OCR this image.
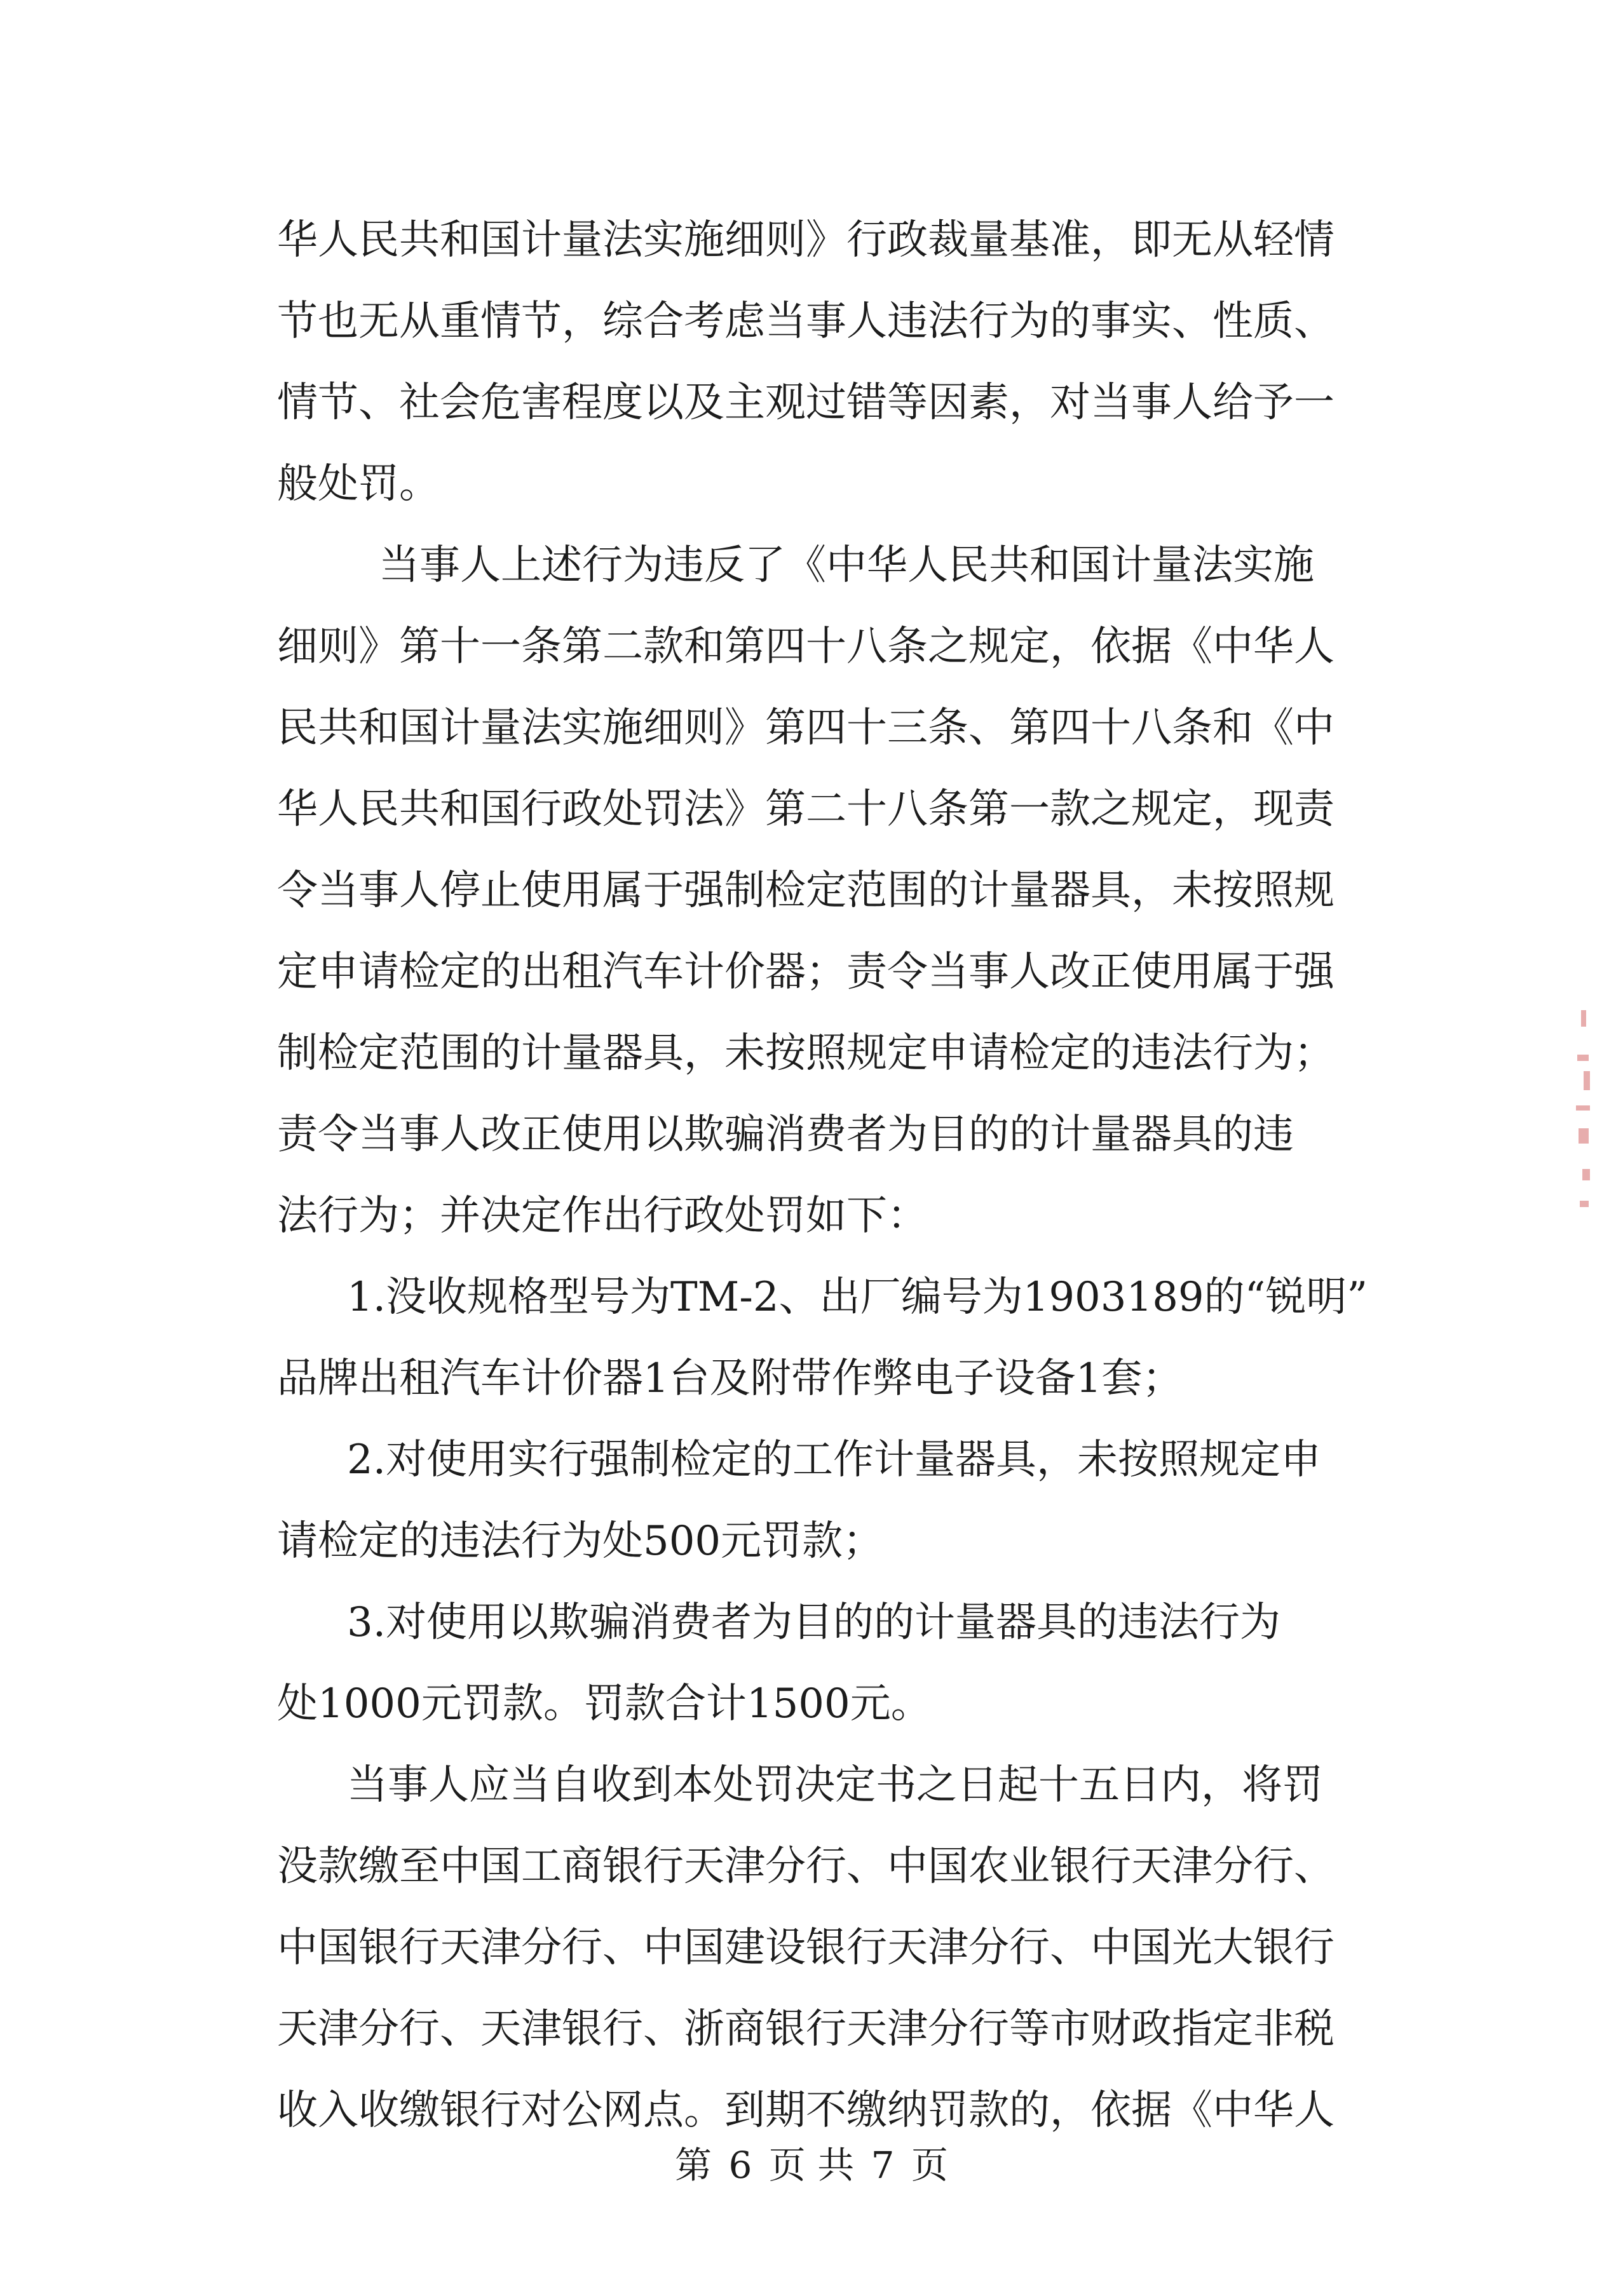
华人民共和国计量法实施细则》行政裁量基准，即无从轻情
节也无从重情节，综合考虑当事人违法行为的事实、性质、
情节、社会危害程度以及主观过错等因素，对当事人给予一
般处罚。
当事人上述行为违反了《中华人民共和国计量法实施
细则》第十一条第二款和第四十八条之规定，依据《中华人
民共和国计量法实施细则》第四十三条、第四十八条和《中
华人民共和国行政处罚法》第二十八条第一款之规定，现责
令当事人停止使用属于强制检定范围的计量器具，未按照规
定申请检定的出租汽车计价器；责令当事人改正使用属于强
制检定范围的计量器具，未按照规定申请检定的违法行为；
责令当事人改正使用以欺骗消费者为目的的计量器具的违
法行为；并决定作出行政处罚如下：
1.没收规格型号为TM-2、出厂编号为1903189的“锐明”
品牌出租汽车计价器1台及附带作弊电子设备1套；
2.对使用实行强制检定的工作计量器具，未按照规定申
请检定的违法行为处500元罚款；
3.对使用以欺骗消费者为目的的计量器具的违法行为
处1000元罚款。罚款合计1500元。
当事人应当自收到本处罚决定书之日起十五日内，将罚
没款缴至中国工商银行天津分行、中国农业银行天津分行、
中国银行天津分行、中国建设银行天津分行、中国光大银行
天津分行、天津银行、浙商银行天津分行等市财政指定非税
收入收缴银行对公网点。到期不缴纳罚款的，依据《中华人
第 6 页 共 7 页
